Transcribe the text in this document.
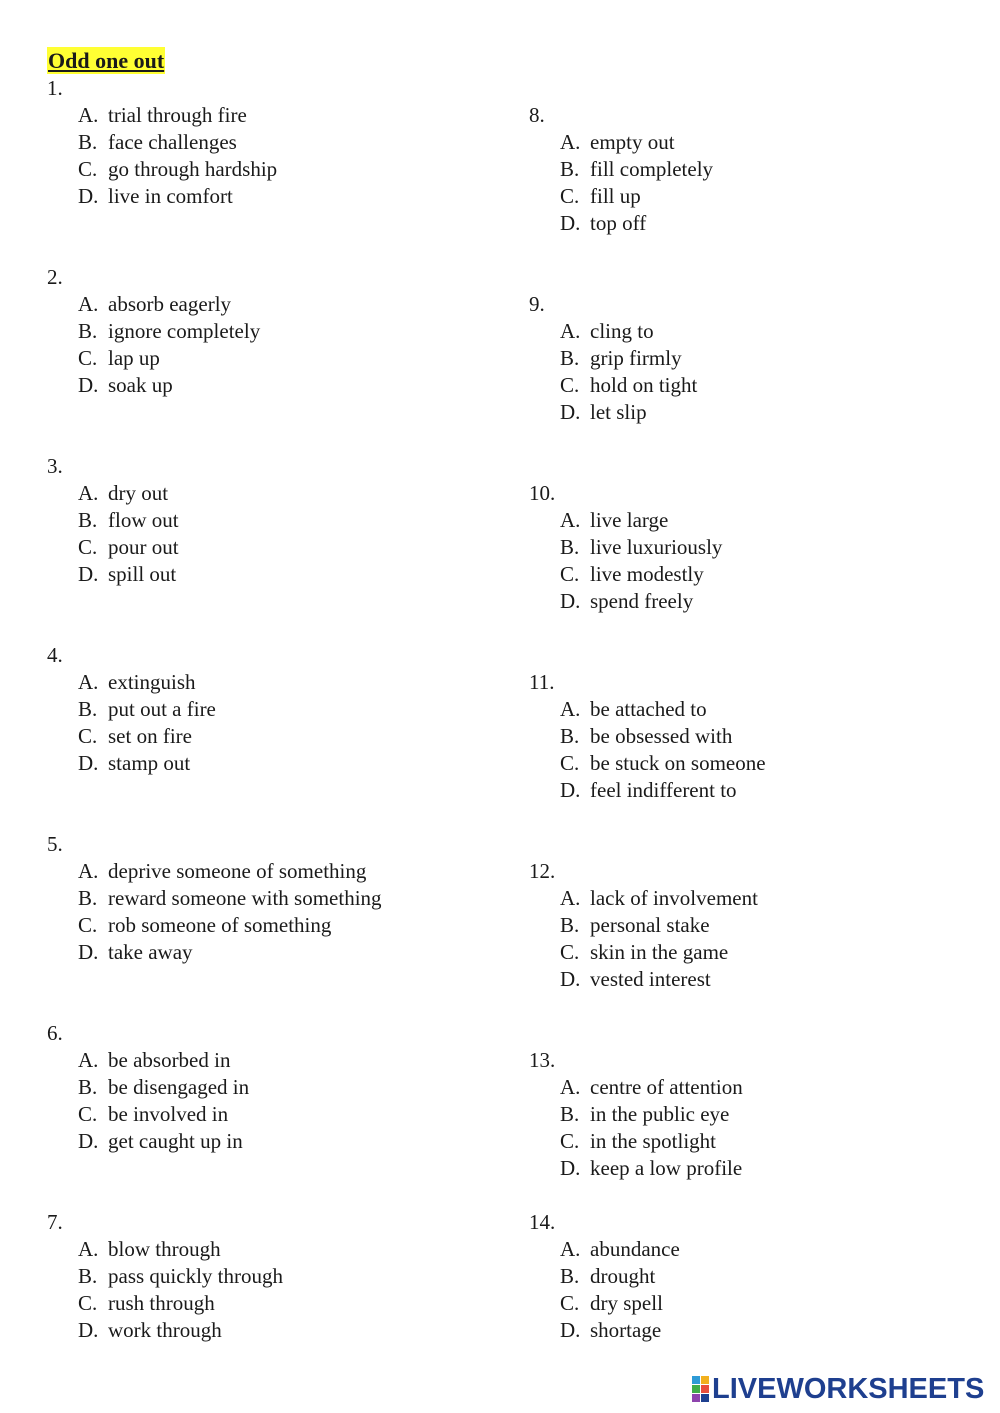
Odd one out
1.
A. trial through fire
B. face challenges
C. go through hardship
D. live in comfort
2.
A. absorb eagerly
B. ignore completely
C. lap up
D. soak up
3.
A. dry out
B. flow out
C. pour out
D. spill out
4.
A. extinguish
B. put out a fire
C. set on fire
D. stamp out
5.
A. deprive someone of something
B. reward someone with something
C. rob someone of something
D. take away
6.
A. be absorbed in
B. be disengaged in
C. be involved in
D. get caught up in
7.
A. blow through
B. pass quickly through
C. rush through
D. work through
8.
A. empty out
B. fill completely
C. fill up
D. top off
9.
A. cling to
B. grip firmly
C. hold on tight
D. let slip
10.
A. live large
B. live luxuriously
C. live modestly
D. spend freely
11.
A. be attached to
B. be obsessed with
C. be stuck on someone
D. feel indifferent to
12.
A. lack of involvement
B. personal stake
C. skin in the game
D. vested interest
13.
A. centre of attention
B. in the public eye
C. in the spotlight
D. keep a low profile
14.
A. abundance
B. drought
C. dry spell
D. shortage
LIVEWORKSHEETS
